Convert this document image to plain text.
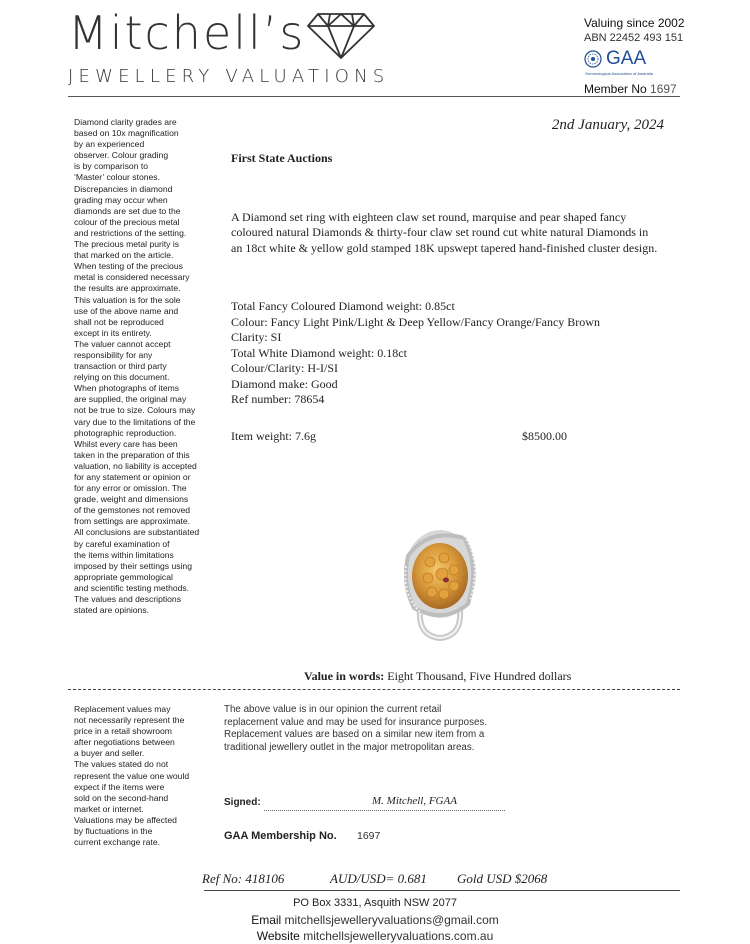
Mitchell’s
JEWELLERY VALUATIONS
Valuing since 2002
ABN 22452 493 151
GAA
Gemmological Association of Australia
Member No 1697
Diamond clarity grades are
based on 10x magnification
by an experienced
observer. Colour grading
is by comparison to
‘Master’ colour stones.
Discrepancies in diamond
grading may occur when
diamonds are set due to the
colour of the precious metal
and restrictions of the setting.
The precious metal purity is
that marked on the article.
When testing of the precious
metal is considered necessary
the results are approximate.
This valuation is for the sole
use of the above name and
shall not be reproduced
except in its entirety.
The valuer cannot accept
responsibility for any
transaction or third party
relying on this document.
When photographs of items
are supplied, the original may
not be true to size. Colours may
vary due to the limitations of the
photographic reproduction.
Whilst every care has been
taken in the preparation of this
valuation, no liability is accepted
for any statement or opinion or
for any error or omission. The
grade, weight and dimensions
of the gemstones not removed
from settings are approximate.
All conclusions are substantiated
by careful examination of
the items within limitations
imposed by their settings using
appropriate gemmological
and scientific testing methods.
The values and descriptions
stated are opinions.
Replacement values may
not necessarily represent the
price in a retail showroom
after negotiations between
a buyer and seller.
The values stated do not
represent the value one would
expect if the items were
sold on the second-hand
market or internet.
Valuations may be affected
by fluctuations in the
current exchange rate.
2nd January, 2024
First State Auctions
A Diamond set ring with eighteen claw set round, marquise and pear shaped fancy coloured natural Diamonds & thirty-four claw set round cut white natural Diamonds in an 18ct white & yellow gold stamped 18K upswept tapered hand-finished cluster design.
Total Fancy Coloured Diamond weight: 0.85ct
Colour: Fancy Light Pink/Light & Deep Yellow/Fancy Orange/Fancy Brown
Clarity: SI
Total White Diamond weight: 0.18ct
Colour/Clarity: H-I/SI
Diamond make: Good
Ref number: 78654
Item weight: 7.6g	$8500.00
Value in words: Eight Thousand, Five Hundred dollars
The above value is in our opinion the current retail replacement value and may be used for insurance purposes. Replacement values are based on a similar new item from a traditional jewellery outlet in the major metropolitan areas.
Signed:	M. Mitchell, FGAA
GAA Membership No. 1697
Ref No: 418106	AUD/USD= 0.681 Gold USD $2068
PO Box 3331, Asquith NSW 2077
Email mitchellsjewelleryvaluations@gmail.com
Website mitchellsjewelleryvaluations.com.au
